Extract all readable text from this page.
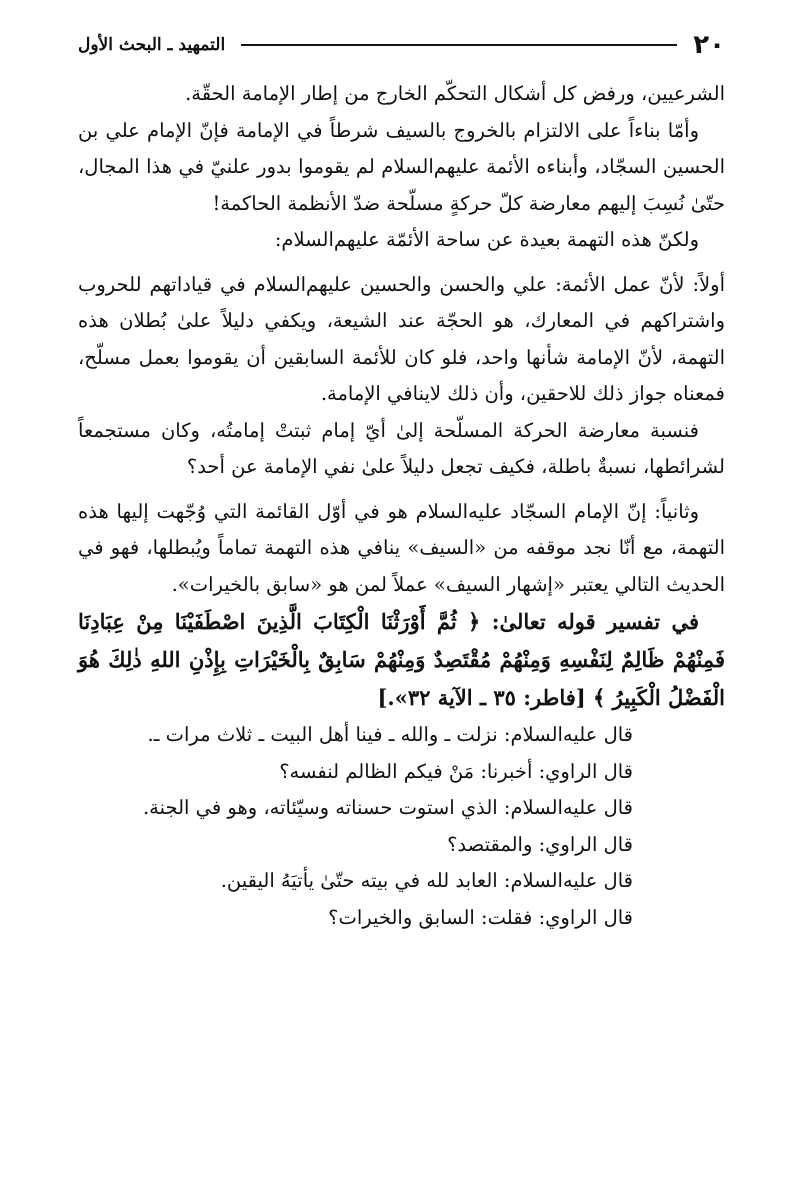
٢٠
التمهيد ـ البحث الأول

الشرعيين، ورفض كل أشكال التحكّم الخارج من إطار الإمامة الحقّة.

وأمّا بناءاً على الالتزام بالخروج بالسيف شرطاً في الإمامة فإنّ الإمام علي بن الحسين السجّاد، وأبناءه الأئمة عليهم‌السلام لم يقوموا بدور علنيّ في هذا المجال، حتّىٰ نُسِبَ إليهم معارضة كلّ حركةٍ مسلّحة ضدّ الأنظمة الحاكمة!

ولكنّ هذه التهمة بعيدة عن ساحة الأئمّة عليهم‌السلام:

أولاً: لأنّ عمل الأئمة: علي والحسن والحسين عليهم‌السلام في قياداتهم للحروب واشتراكهم في المعارك، هو الحجّة عند الشيعة، ويكفي دليلاً علىٰ بُطلان هذه التهمة، لأنّ الإمامة شأنها واحد، فلو كان للأئمة السابقين أن يقوموا بعمل مسلّح، فمعناه جواز ذلك للاحقين، وأن ذلك لاينافي الإمامة.

فنسبة معارضة الحركة المسلّحة إلىٰ أيّ إمام ثبتتْ إمامتُه، وكان مستجمعاً لشرائطها، نسبةٌ باطلة، فكيف تجعل دليلاً علىٰ نفي الإمامة عن أحد؟

وثانياً: إنّ الإمام السجّاد عليه‌السلام هو في أوّل القائمة التي وُجّهت إليها هذه التهمة، مع أنّا نجد موقفه من «السيف» ينافي هذه التهمة تماماً ويُبطلها، فهو في الحديث التالي يعتبر «إشهار السيف» عملاً لمن هو «سابق بالخيرات».

في تفسير قوله تعالىٰ: ﴿ ثُمَّ أَوْرَثْنَا الْكِتَابَ الَّذِينَ اصْطَفَيْنَا مِنْ عِبَادِنَا فَمِنْهُمْ ظَالِمٌ لِنَفْسِهِ وَمِنْهُمْ مُقْتَصِدٌ وَمِنْهُمْ سَابِقٌ بِالْخَيْرَاتِ بِإِذْنِ اللهِ ذٰلِكَ هُوَ الْفَضْلُ الْكَبِيرُ ﴾ [فاطر: ٣٥ ـ الآية ٣٢».]

قال عليه‌السلام: نزلت ـ والله ـ فينا أهل البيت ـ ثلاث مرات ـ.

قال الراوي: أخبرنا: مَنْ فيكم الظالم لنفسه؟

قال عليه‌السلام: الذي استوت حسناته وسيّئاته، وهو في الجنة.

قال الراوي: والمقتصد؟

قال عليه‌السلام: العابد لله في بيته حتّىٰ يأتيَهُ اليقين.

قال الراوي: فقلت: السابق والخيرات؟
